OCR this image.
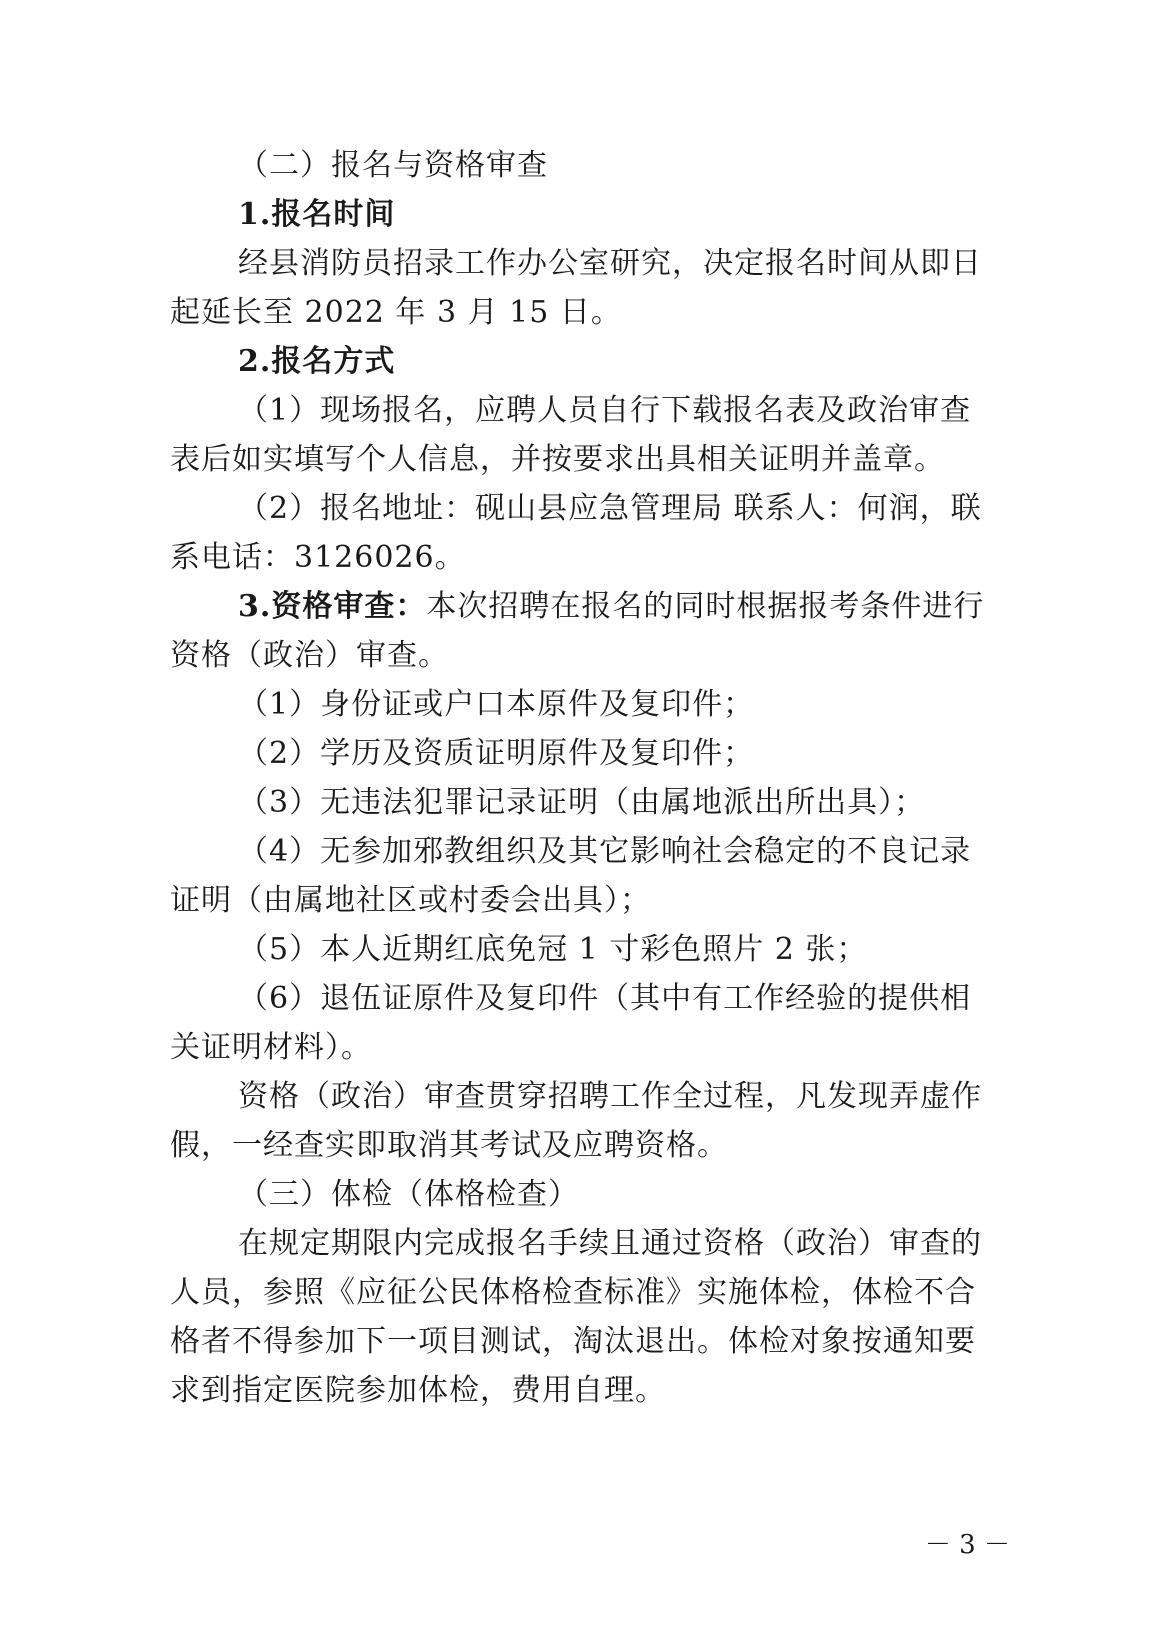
（二）报名与资格审查
1.报名时间
经县消防员招录工作办公室研究，决定报名时间从即日
起延长至 2022 年 3 月 15 日。
2.报名方式
（1）现场报名，应聘人员自行下载报名表及政治审查
表后如实填写个人信息，并按要求出具相关证明并盖章。
（2）报名地址：砚山县应急管理局 联系人：何润，联
系电话：3126026。
3.资格审查：本次招聘在报名的同时根据报考条件进行
资格（政治）审查。
（1）身份证或户口本原件及复印件；
（2）学历及资质证明原件及复印件；
（3）无违法犯罪记录证明（由属地派出所出具）；
（4）无参加邪教组织及其它影响社会稳定的不良记录
证明（由属地社区或村委会出具）；
（5）本人近期红底免冠 1 寸彩色照片 2 张；
（6）退伍证原件及复印件（其中有工作经验的提供相
关证明材料）。
资格（政治）审查贯穿招聘工作全过程，凡发现弄虚作
假，一经查实即取消其考试及应聘资格。
（三）体检（体格检查）
在规定期限内完成报名手续且通过资格（政治）审查的
人员，参照《应征公民体格检查标准》实施体检，体检不合
格者不得参加下一项目测试，淘汰退出。体检对象按通知要
求到指定医院参加体检，费用自理。
－ 3 －
